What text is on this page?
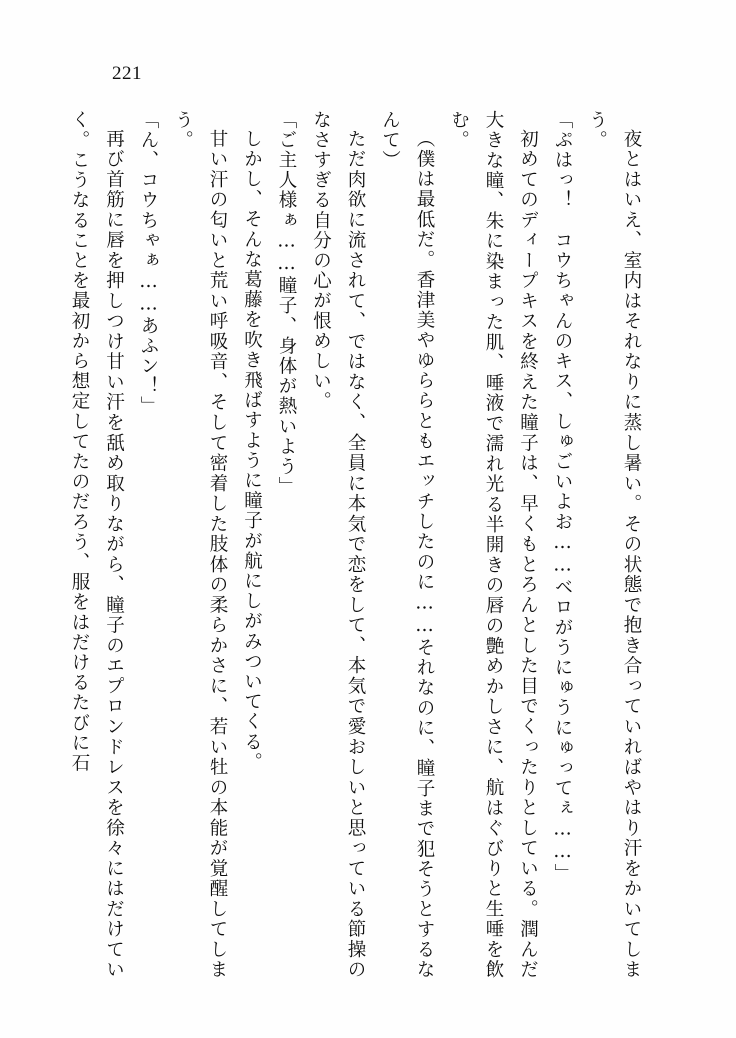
221

夜とはいえ、室内はそれなりに蒸し暑い。その状態で抱き合っていればやはり汗をかいてしまう。

「ぷはっ！　コウちゃんのキス、しゅごいよお……ベロがうにゅうにゅってぇ……」

初めてのディープキスを終えた瞳子は、早くもとろんとした目でくったりとしている。潤んだ大きな瞳、朱に染まった肌、唾液で濡れ光る半開きの唇の艶めかしさに、航はぐびりと生唾を飲む。

（僕は最低だ。香津美やゆららともエッチしたのに……それなのに、瞳子まで犯そうとするなんて）

ただ肉欲に流されて、ではなく、全員に本気で恋をして、本気で愛おしいと思っている節操のなさすぎる自分の心が恨めしい。

「ご主人様ぁ……瞳子、身体が熱いよう」

しかし、そんな葛藤を吹き飛ばすように瞳子が航にしがみついてくる。

甘い汗の匂いと荒い呼吸音、そして密着した肢体の柔らかさに、若い牡の本能が覚醒してしまう。

「ん、コウちゃぁ……あふン！」

再び首筋に唇を押しつけ甘い汗を舐め取りながら、瞳子のエプロンドレスを徐々にはだけていく。こうなることを最初から想定してたのだろう、服をはだけるたびに石
